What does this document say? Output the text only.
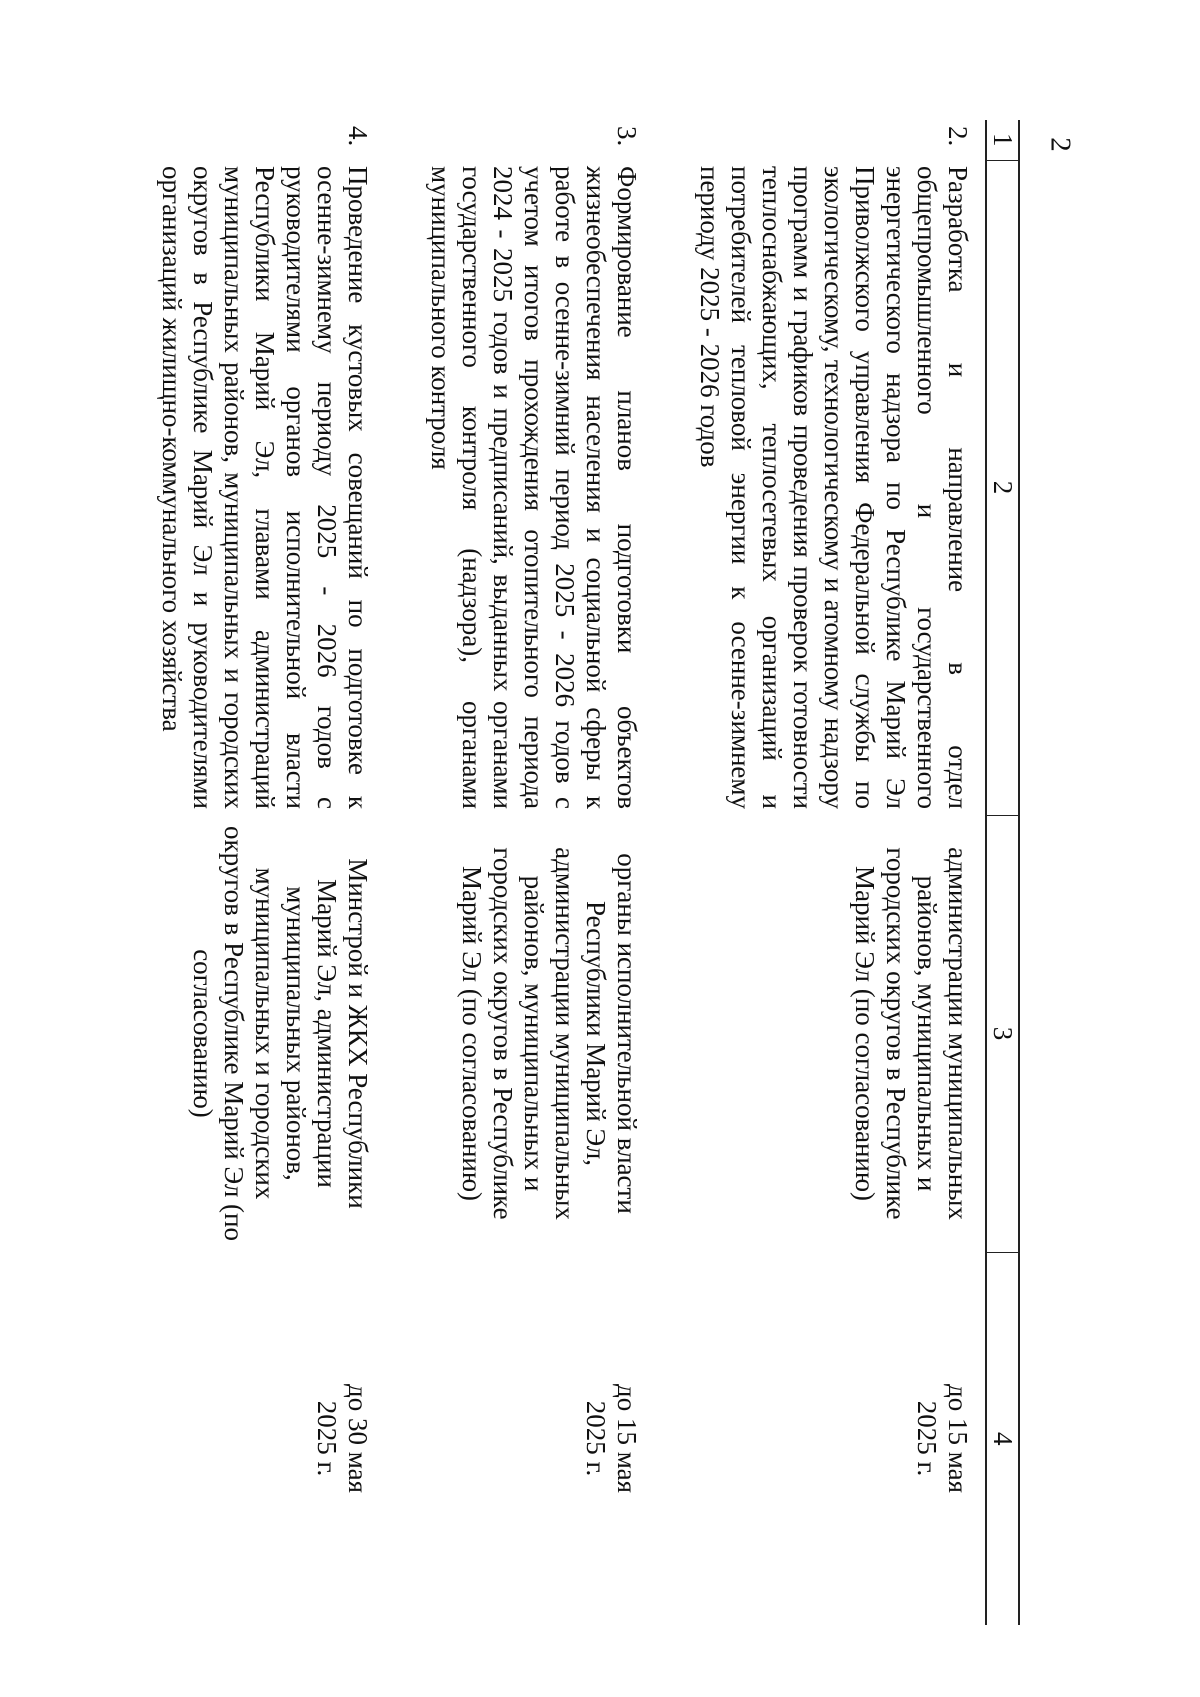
2
1	2	3	4
2.	Разработка и направление в отдел общепромышленного и государственного энергетического надзора по Республике Марий Эл Приволжского управления Федеральной службы по экологическому, технологическому и атомному надзору программ и графиков проведения проверок готовности теплоснабжающих, теплосетевых организаций и потребителей тепловой энергии к осенне-зимнему периоду 2025 - 2026 годов	администрации муниципальных районов, муниципальных и городских округов в Республике Марий Эл (по согласованию)	до 15 мая
2025 г.

3.	Формирование планов подготовки объектов жизнеобеспечения населения и социальной сферы к работе в осенне-зимний период 2025 - 2026 годов с учетом итогов прохождения отопительного периода 2024 - 2025 годов и предписаний, выданных органами государственного контроля (надзора), органами муниципального контроля	органы исполнительной власти Республики Марий Эл, администрации муниципальных районов, муниципальных и городских округов в Республике Марий Эл (по согласованию)	до 15 мая
2025 г.

4.	Проведение кустовых совещаний по подготовке к осенне-зимнему периоду 2025 - 2026 годов с руководителями органов исполнительной власти Республики Марий Эл, главами администраций муниципальных районов, муниципальных и городских округов в Республике Марий Эл и руководителями организаций жилищно-коммунального хозяйства	Минстрой и ЖКХ Республики Марий Эл, администрации муниципальных районов, муниципальных и городских округов в Республике Марий Эл (по согласованию)	до 30 мая
2025 г.
